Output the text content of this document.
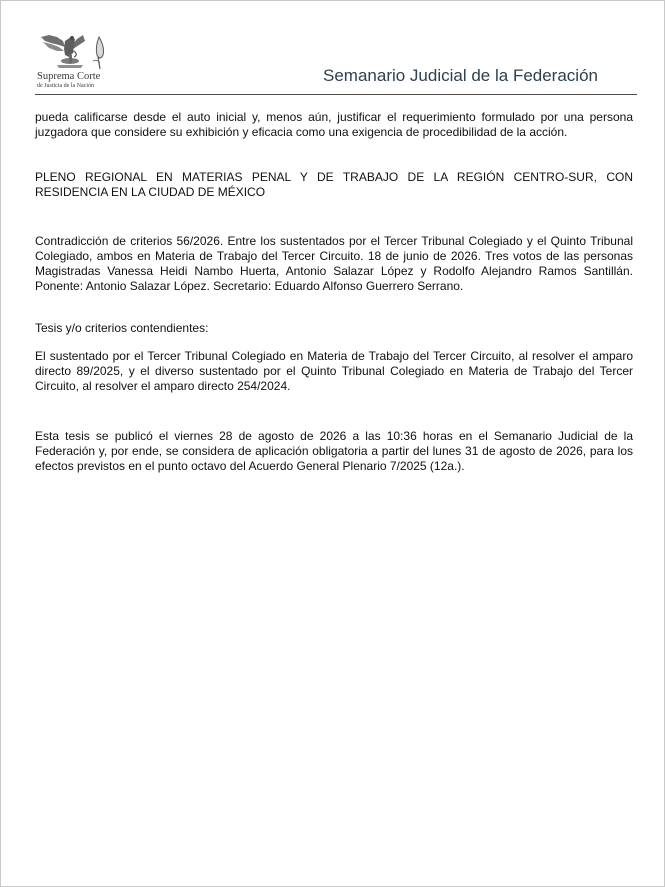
Suprema Corte
de Justicia de la Nación
Semanario Judicial de la Federación

pueda calificarse desde el auto inicial y, menos aún, justificar el requerimiento formulado por una persona juzgadora que considere su exhibición y eficacia como una exigencia de procedibilidad de la acción.

PLENO REGIONAL EN MATERIAS PENAL Y DE TRABAJO DE LA REGIÓN CENTRO-SUR, CON RESIDENCIA EN LA CIUDAD DE MÉXICO

Contradicción de criterios 56/2026. Entre los sustentados por el Tercer Tribunal Colegiado y el Quinto Tribunal Colegiado, ambos en Materia de Trabajo del Tercer Circuito. 18 de junio de 2026. Tres votos de las personas Magistradas Vanessa Heidi Nambo Huerta, Antonio Salazar López y Rodolfo Alejandro Ramos Santillán. Ponente: Antonio Salazar López. Secretario: Eduardo Alfonso Guerrero Serrano.

Tesis y/o criterios contendientes:

El sustentado por el Tercer Tribunal Colegiado en Materia de Trabajo del Tercer Circuito, al resolver el amparo directo 89/2025, y el diverso sustentado por el Quinto Tribunal Colegiado en Materia de Trabajo del Tercer Circuito, al resolver el amparo directo 254/2024.

Esta tesis se publicó el viernes 28 de agosto de 2026 a las 10:36 horas en el Semanario Judicial de la Federación y, por ende, se considera de aplicación obligatoria a partir del lunes 31 de agosto de 2026, para los efectos previstos en el punto octavo del Acuerdo General Plenario 7/2025 (12a.).
